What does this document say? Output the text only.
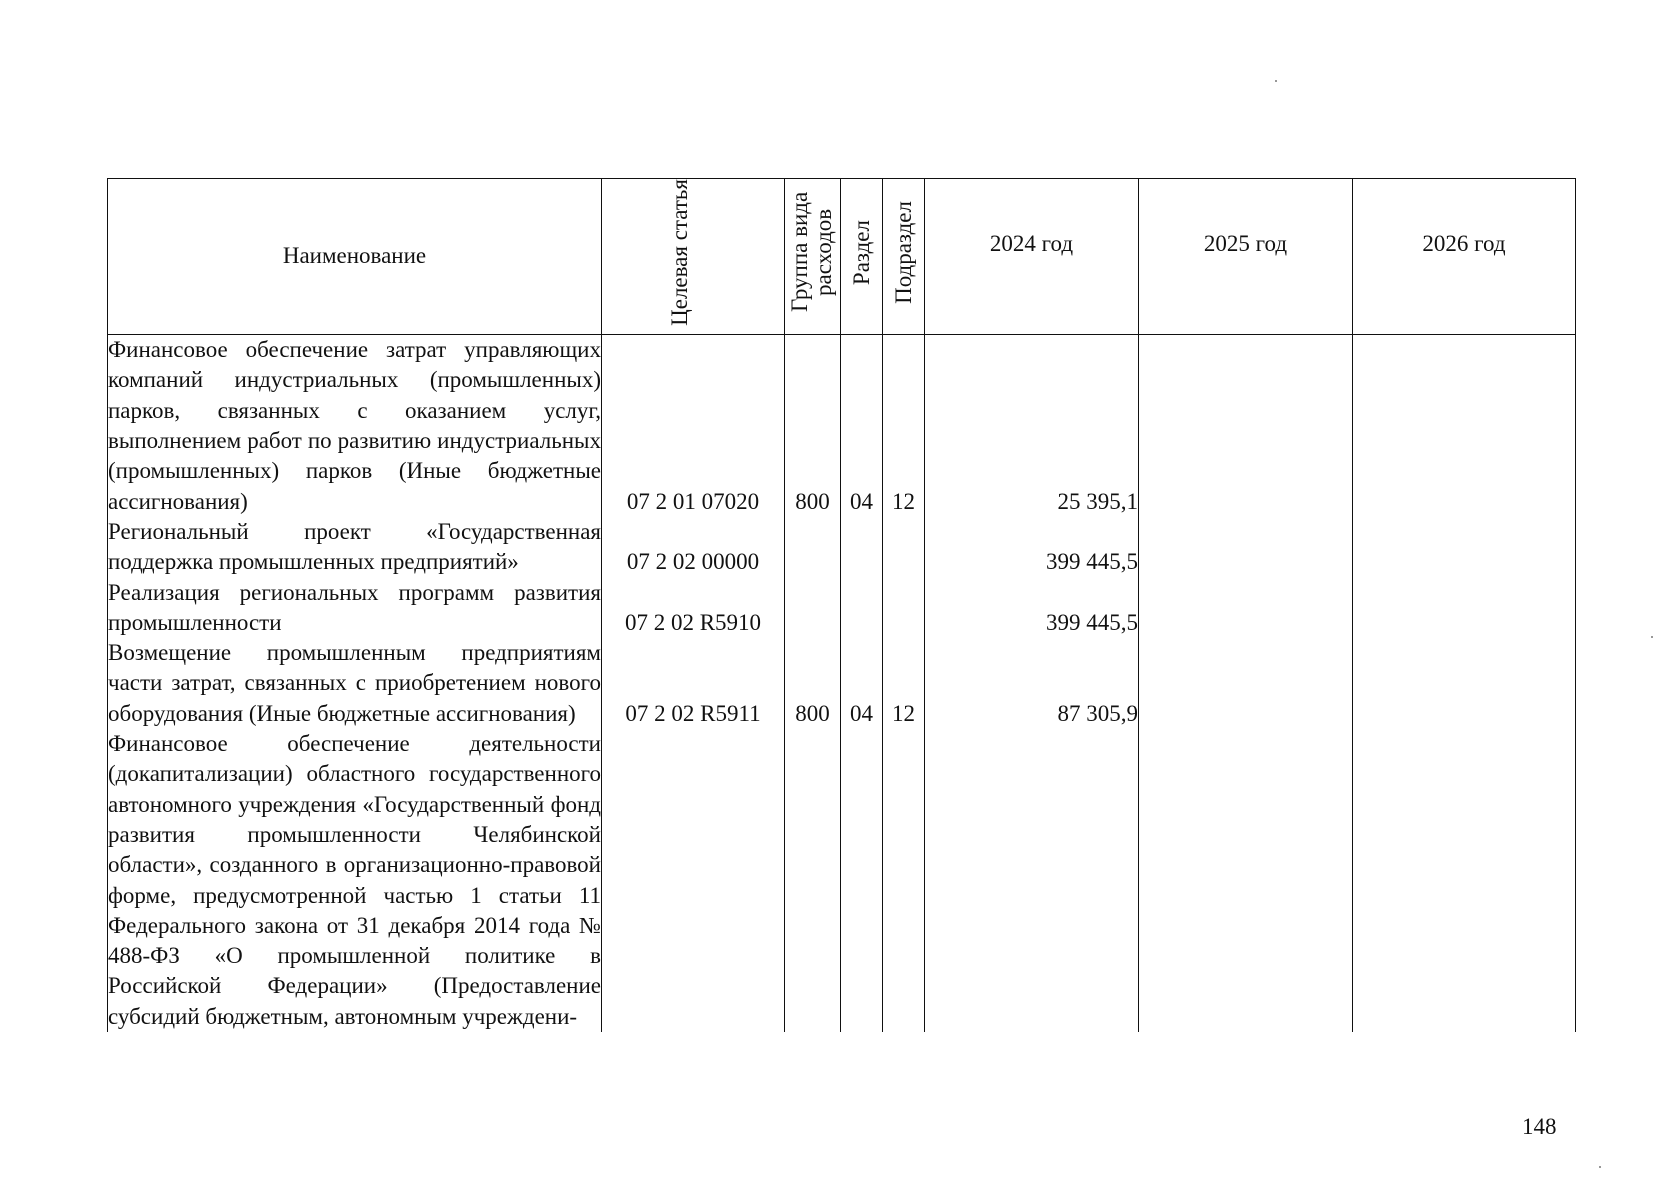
Наименование	Целевая статья	Группа вида расходов	Раздел	Подраздел	2024 год	2025 год	2026 год

Финансовое обеспечение затрат управляющих компаний индустриальных (промышленных) парков, связанных с оказанием услуг, выполнением работ по развитию индустриальных (промышленных) парков (Иные бюджетные ассигнования)	07 2 01 07020	800	04	12	25 395,1		
Региональный проект «Государственная поддержка промышленных предприятий»	07 2 02 00000				399 445,5		
Реализация региональных программ развития промышленности	07 2 02 R5910				399 445,5		
Возмещение промышленным предприятиям части затрат, связанных с приобретением нового оборудования (Иные бюджетные ассигнования)	07 2 02 R5911	800	04	12	87 305,9		
Финансовое обеспечение деятельности (докапитализации) областного государственного автономного учреждения «Государственный фонд развития промышленности Челябинской области», созданного в организационно-правовой форме, предусмотренной частью 1 статьи 11 Федерального закона от 31 декабря 2014 года № 488-ФЗ «О промышленной политике в Российской Федерации» (Предоставление субсидий бюджетным, автономным учреждени-							
148
